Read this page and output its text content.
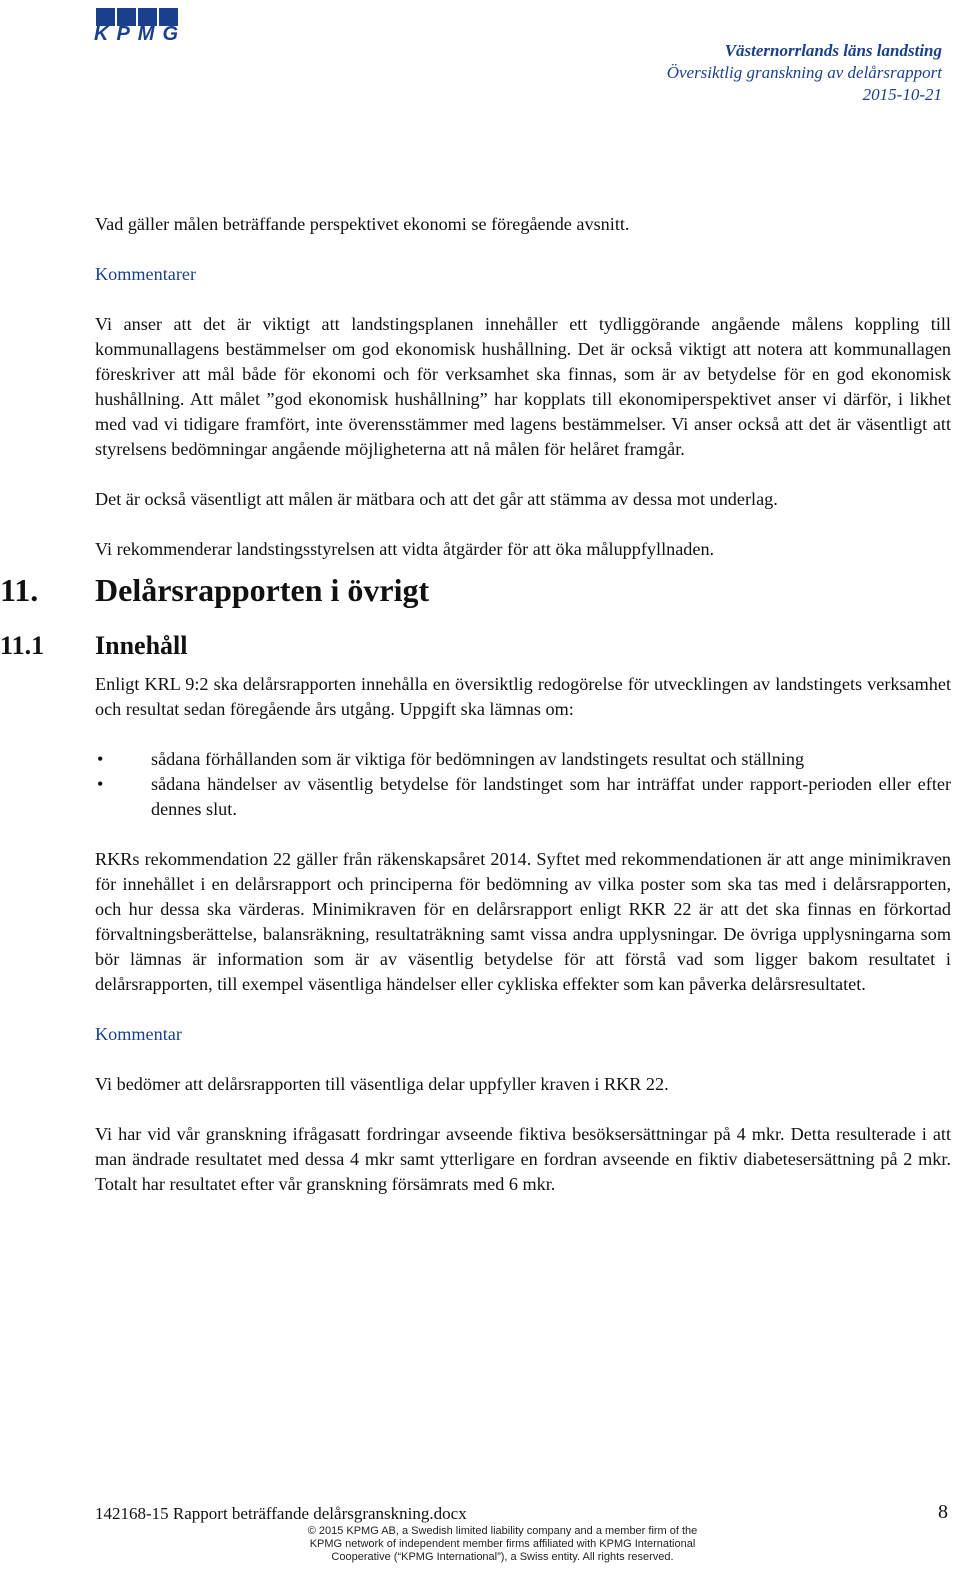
KPMG
Västernorrlands läns landsting
Översiktlig granskning av delårsrapport
2015-10-21

Vad gäller målen beträffande perspektivet ekonomi se föregående avsnitt.

Kommentarer

Vi anser att det är viktigt att landstingsplanen innehåller ett tydliggörande angående målens koppling till kommunallagens bestämmelser om god ekonomisk hushållning. Det är också viktigt att notera att kommunallagen föreskriver att mål både för ekonomi och för verksamhet ska finnas, som är av betydelse för en god ekonomisk hushållning. Att målet ”god ekonomisk hushållning” har kopplats till ekonomiperspektivet anser vi därför, i likhet med vad vi tidigare framfört, inte överensstämmer med lagens bestämmelser. Vi anser också att det är väsentligt att styrelsens bedömningar angående möjligheterna att nå målen för helåret framgår.

Det är också väsentligt att målen är mätbara och att det går att stämma av dessa mot underlag.

Vi rekommenderar landstingsstyrelsen att vidta åtgärder för att öka måluppfyllnaden.

11. Delårsrapporten i övrigt
11.1 Innehåll

Enligt KRL 9:2 ska delårsrapporten innehålla en översiktlig redogörelse för utvecklingen av landstingets verksamhet och resultat sedan föregående års utgång. Uppgift ska lämnas om:

•	sådana förhållanden som är viktiga för bedömningen av landstingets resultat och ställning
•	sådana händelser av väsentlig betydelse för landstinget som har inträffat under rapport-perioden eller efter dennes slut.

RKRs rekommendation 22 gäller från räkenskapsåret 2014. Syftet med rekommendationen är att ange minimikraven för innehållet i en delårsrapport och principerna för bedömning av vilka poster som ska tas med i delårsrapporten, och hur dessa ska värderas. Minimikraven för en delårsrapport enligt RKR 22 är att det ska finnas en förkortad förvaltningsberättelse, balansräkning, resultaträkning samt vissa andra upplysningar. De övriga upplysningarna som bör lämnas är information som är av väsentlig betydelse för att förstå vad som ligger bakom resultatet i delårsrapporten, till exempel väsentliga händelser eller cykliska effekter som kan påverka delårsresultatet.

Kommentar

Vi bedömer att delårsrapporten till väsentliga delar uppfyller kraven i RKR 22.

Vi har vid vår granskning ifrågasatt fordringar avseende fiktiva besöksersättningar på 4 mkr. Detta resulterade i att man ändrade resultatet med dessa 4 mkr samt ytterligare en fordran avseende en fiktiv diabetesersättning på 2 mkr. Totalt har resultatet efter vår granskning försämrats med 6 mkr.

142168-15 Rapport beträffande delårsgranskning.docx	8
© 2015 KPMG AB, a Swedish limited liability company and a member firm of the
KPMG network of independent member firms affiliated with KPMG International
Cooperative (“KPMG International”), a Swiss entity. All rights reserved.
